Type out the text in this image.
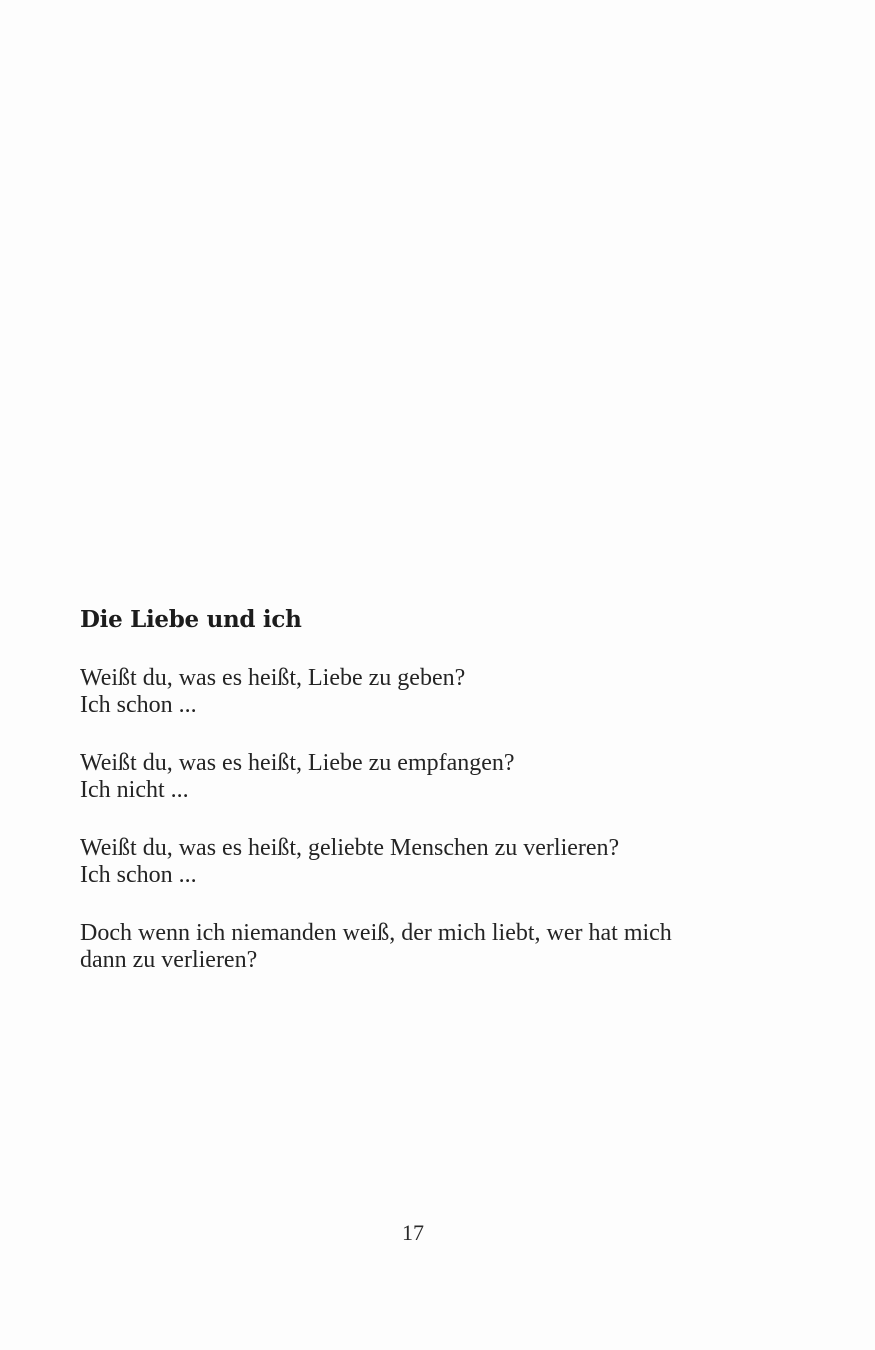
Die Liebe und ich

Weißt du, was es heißt, Liebe zu geben?
Ich schon ...

Weißt du, was es heißt, Liebe zu empfangen?
Ich nicht ...

Weißt du, was es heißt, geliebte Menschen zu verlieren?
Ich schon ...

Doch wenn ich niemanden weiß, der mich liebt, wer hat mich
dann zu verlieren?

17
